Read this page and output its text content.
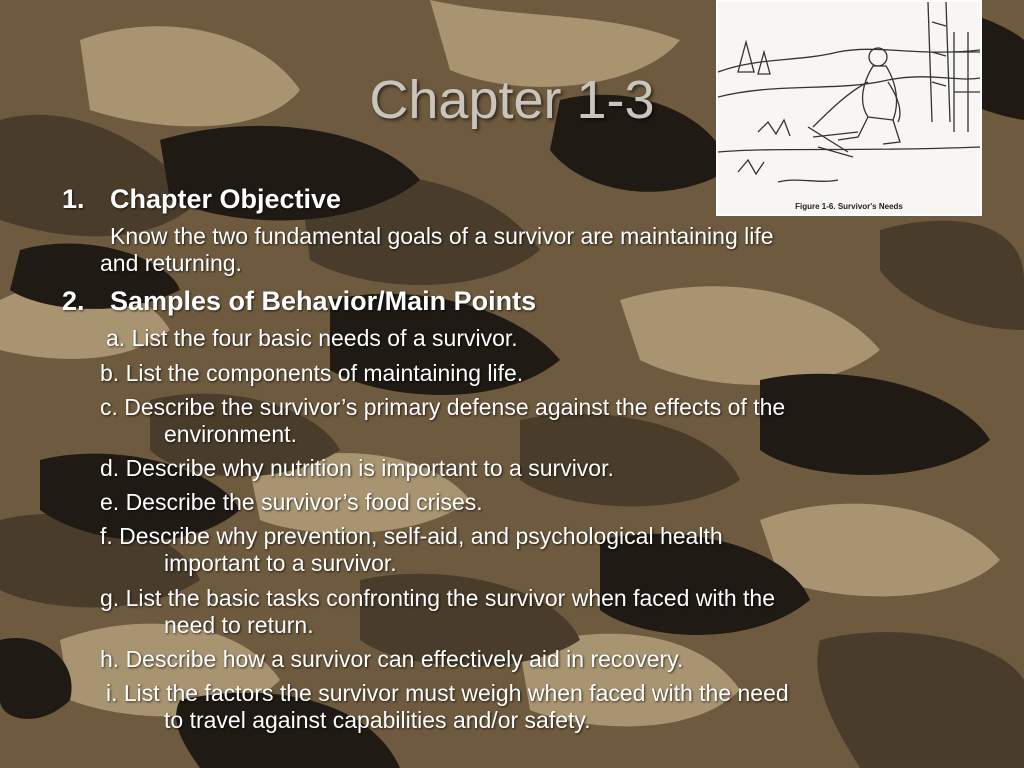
Chapter 1-3
Figure 1-6. Survivor's Needs
1. Chapter Objective
Know the two fundamental goals of a survivor are maintaining life
and returning.
2. Samples of Behavior/Main Points
a. List the four basic needs of a survivor.
b. List the components of maintaining life.
c. Describe the survivor’s primary defense against the effects of the
environment.
d. Describe why nutrition is important to a survivor.
e. Describe the survivor’s food crises.
f. Describe why prevention, self-aid, and psychological health
important to a survivor.
g. List the basic tasks confronting the survivor when faced with the
need to return.
h. Describe how a survivor can effectively aid in recovery.
i. List the factors the survivor must weigh when faced with the need
to travel against capabilities and/or safety.
